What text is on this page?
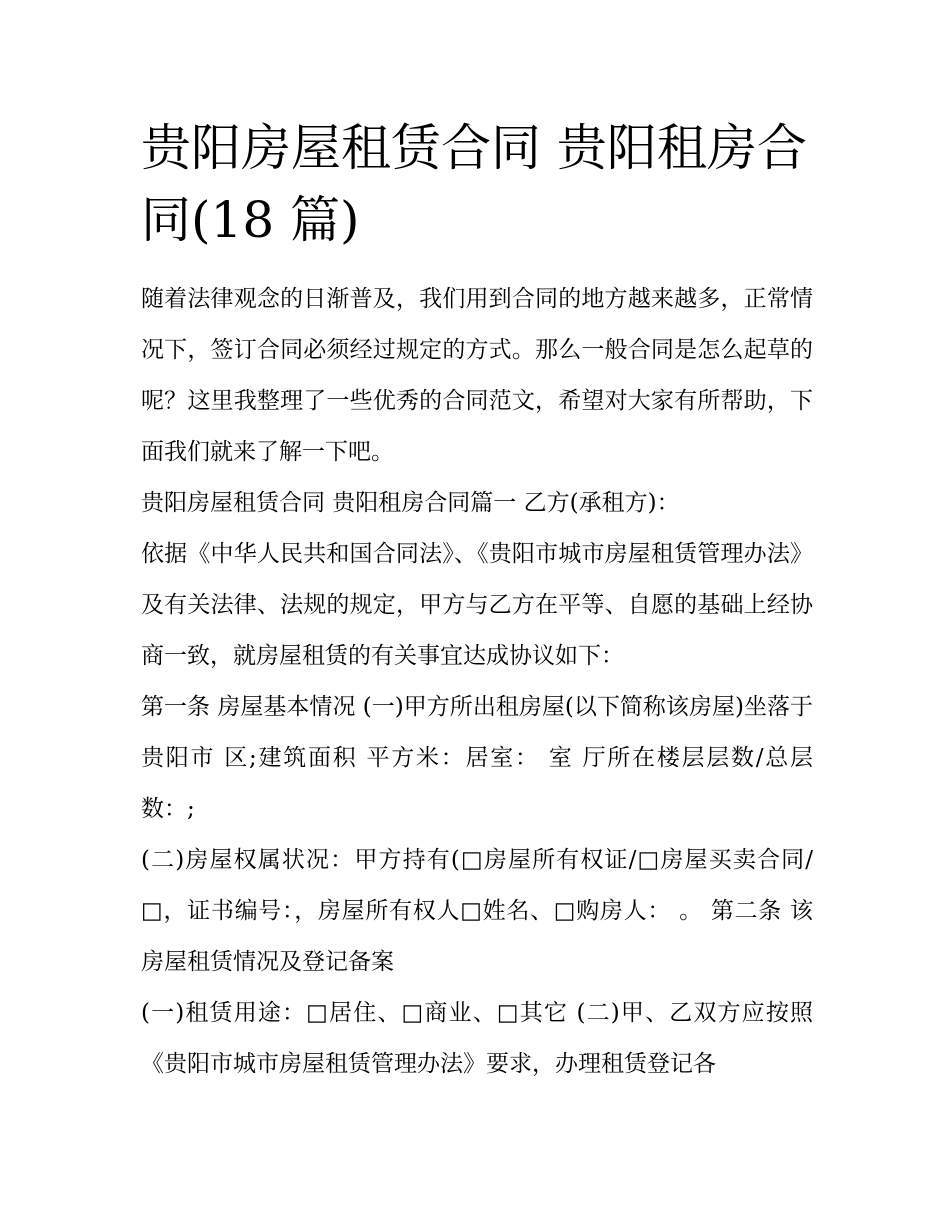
贵阳房屋租赁合同 贵阳租房合同(18 篇)

随着法律观念的日渐普及，我们用到合同的地方越来越多，正常情况下，签订合同必须经过规定的方式。那么一般合同是怎么起草的呢？这里我整理了一些优秀的合同范文，希望对大家有所帮助，下面我们就来了解一下吧。

贵阳房屋租赁合同 贵阳租房合同篇一 乙方(承租方)：

依据《中华人民共和国合同法》、《贵阳市城市房屋租赁管理办法》及有关法律、法规的规定，甲方与乙方在平等、自愿的基础上经协商一致，就房屋租赁的有关事宜达成协议如下：

第一条 房屋基本情况 (一)甲方所出租房屋(以下简称该房屋)坐落于贵阳市 区;建筑面积 平方米：居室： 室 厅所在楼层层数/总层数：;

(二)房屋权属状况：甲方持有(□房屋所有权证/□房屋买卖合同/□，证书编号：，房屋所有权人□姓名、□购房人： 。 第二条 该房屋租赁情况及登记备案

(一)租赁用途：□居住、□商业、□其它 (二)甲、乙双方应按照《贵阳市城市房屋租赁管理办法》要求，办理租赁登记各
